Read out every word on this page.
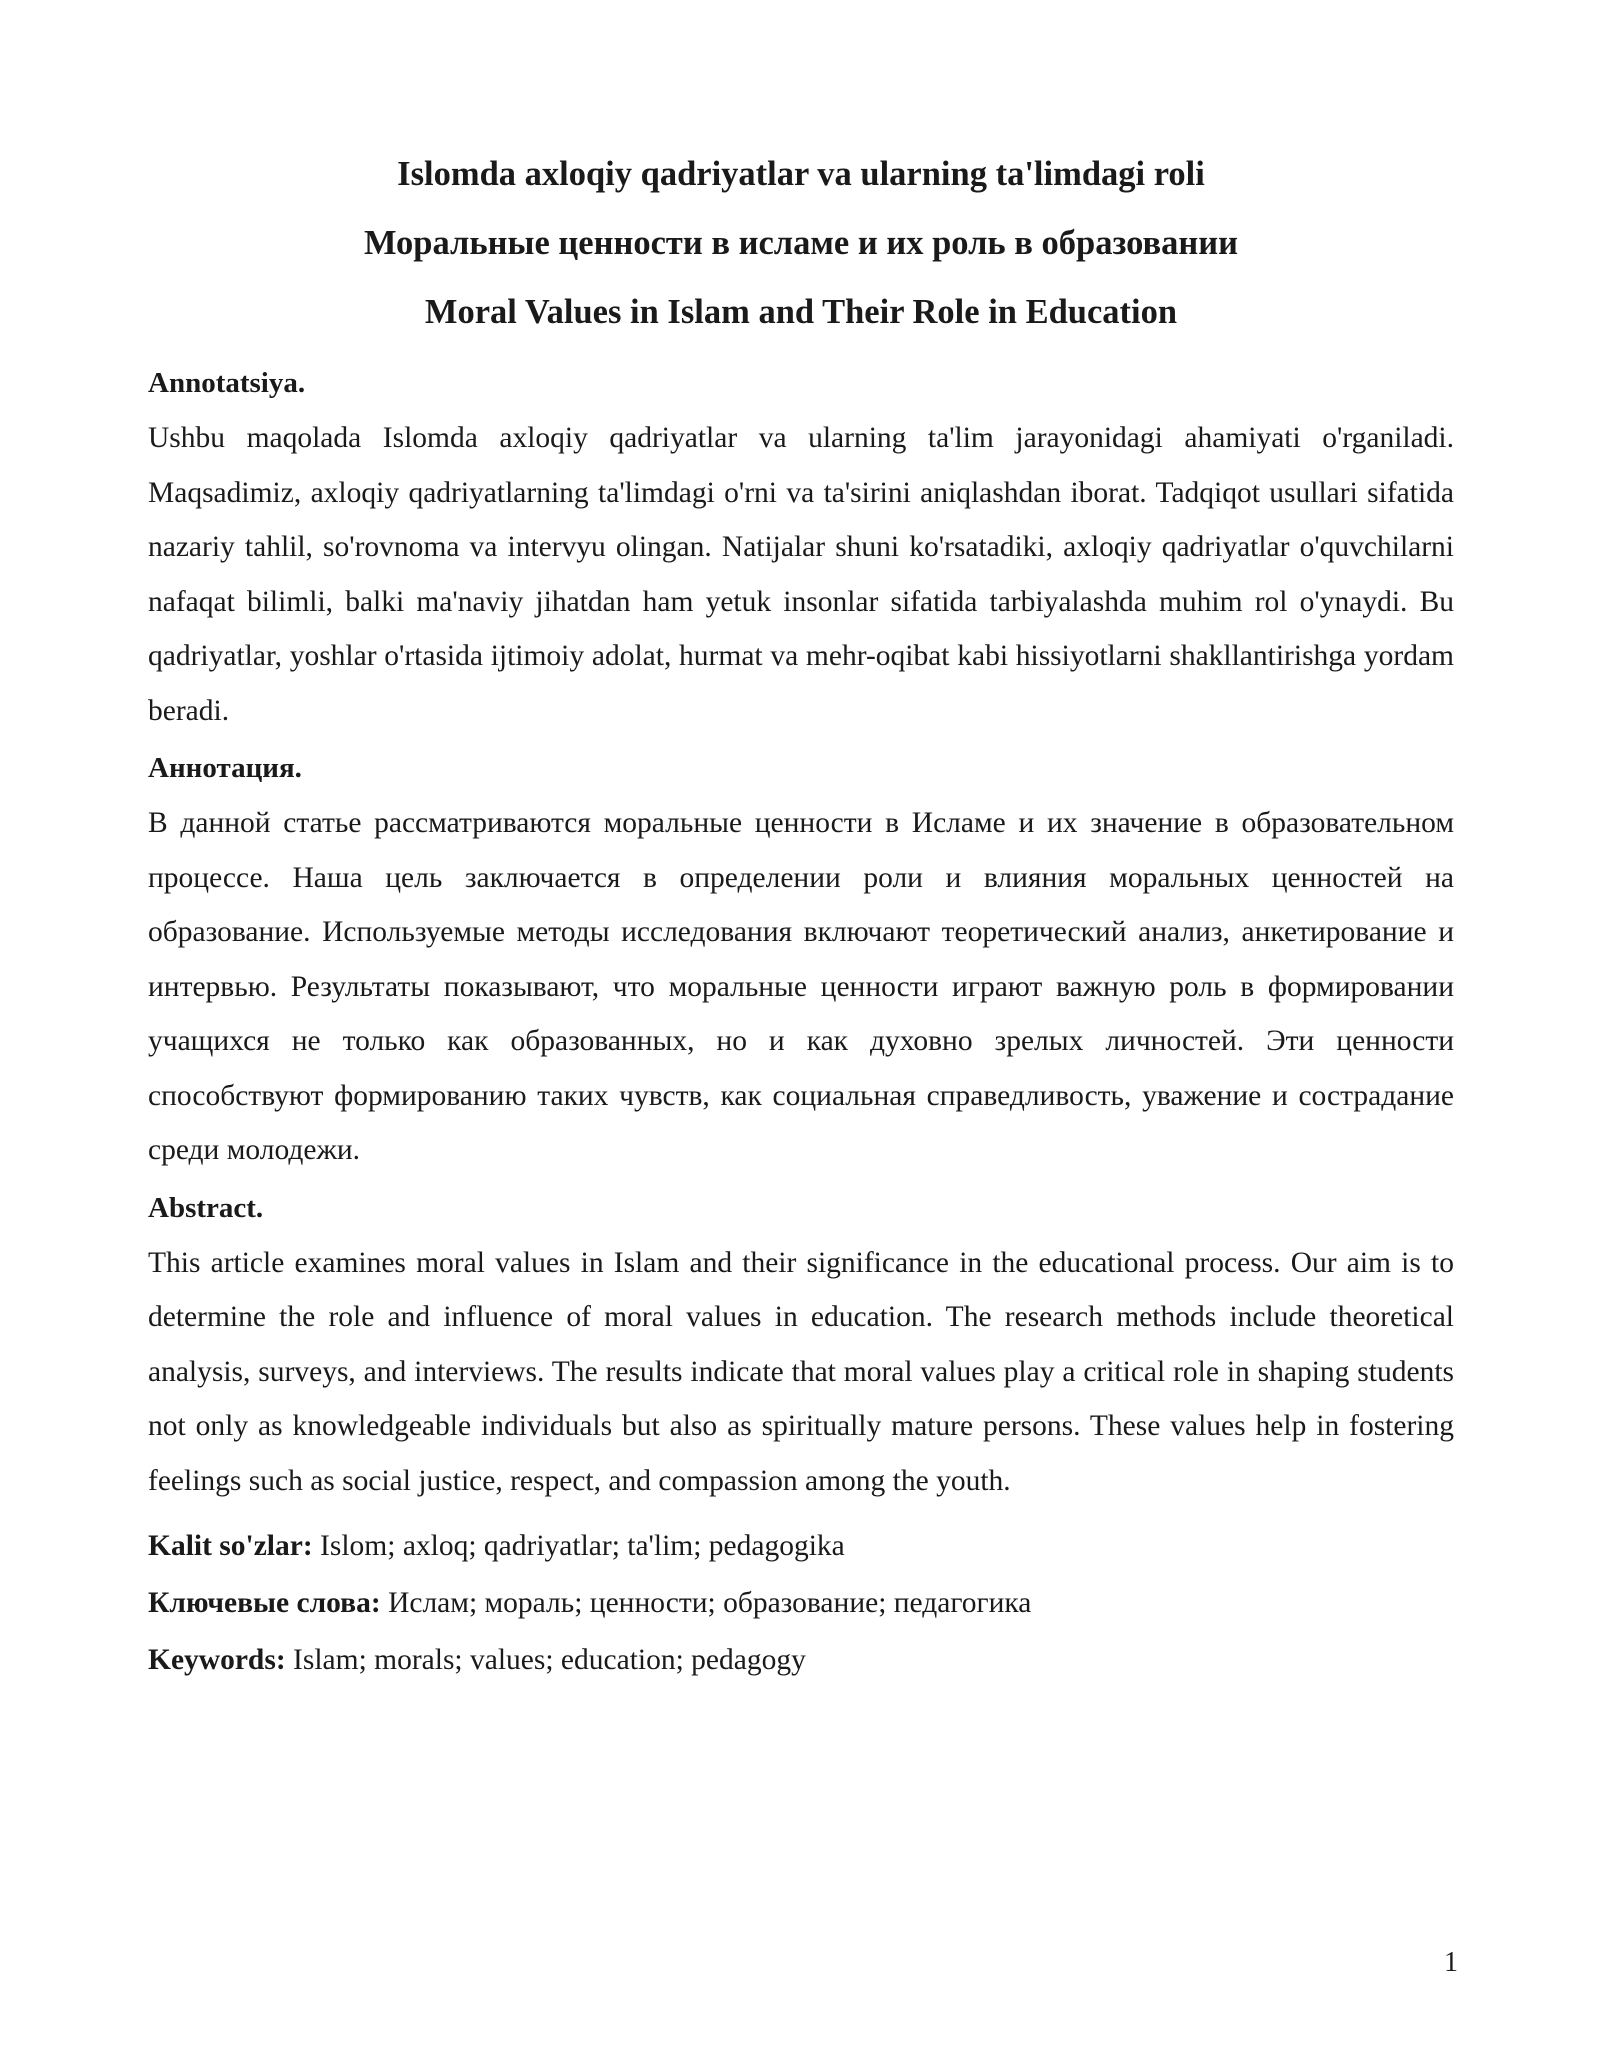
Islomda axloqiy qadriyatlar va ularning ta'limdagi roli
Моральные ценности в исламе и их роль в образовании
Moral Values in Islam and Their Role in Education
Annotatsiya.

Ushbu maqolada Islomda axloqiy qadriyatlar va ularning ta'lim jarayonidagi ahamiyati o'rganiladi. Maqsadimiz, axloqiy qadriyatlarning ta'limdagi o'rni va ta'sirini aniqlashdan iborat. Tadqiqot usullari sifatida nazariy tahlil, so'rovnoma va intervyu olingan. Natijalar shuni ko'rsatadiki, axloqiy qadriyatlar o'quvchilarni nafaqat bilimli, balki ma'naviy jihatdan ham yetuk insonlar sifatida tarbiyalashda muhim rol o'ynaydi. Bu qadriyatlar, yoshlar o'rtasida ijtimoiy adolat, hurmat va mehr-oqibat kabi hissiyotlarni shakllantirishga yordam beradi.

Аннотация.

В данной статье рассматриваются моральные ценности в Исламе и их значение в образовательном процессе. Наша цель заключается в определении роли и влияния моральных ценностей на образование. Используемые методы исследования включают теоретический анализ, анкетирование и интервью. Результаты показывают, что моральные ценности играют важную роль в формировании учащихся не только как образованных, но и как духовно зрелых личностей. Эти ценности способствуют формированию таких чувств, как социальная справедливость, уважение и сострадание среди молодежи.

Abstract.

This article examines moral values in Islam and their significance in the educational process. Our aim is to determine the role and influence of moral values in education. The research methods include theoretical analysis, surveys, and interviews. The results indicate that moral values play a critical role in shaping students not only as knowledgeable individuals but also as spiritually mature persons. These values help in fostering feelings such as social justice, respect, and compassion among the youth.

Kalit so'zlar: Islom; axloq; qadriyatlar; ta'lim; pedagogika

Ключевые слова: Ислам; мораль; ценности; образование; педагогика

Keywords: Islam; morals; values; education; pedagogy

1
